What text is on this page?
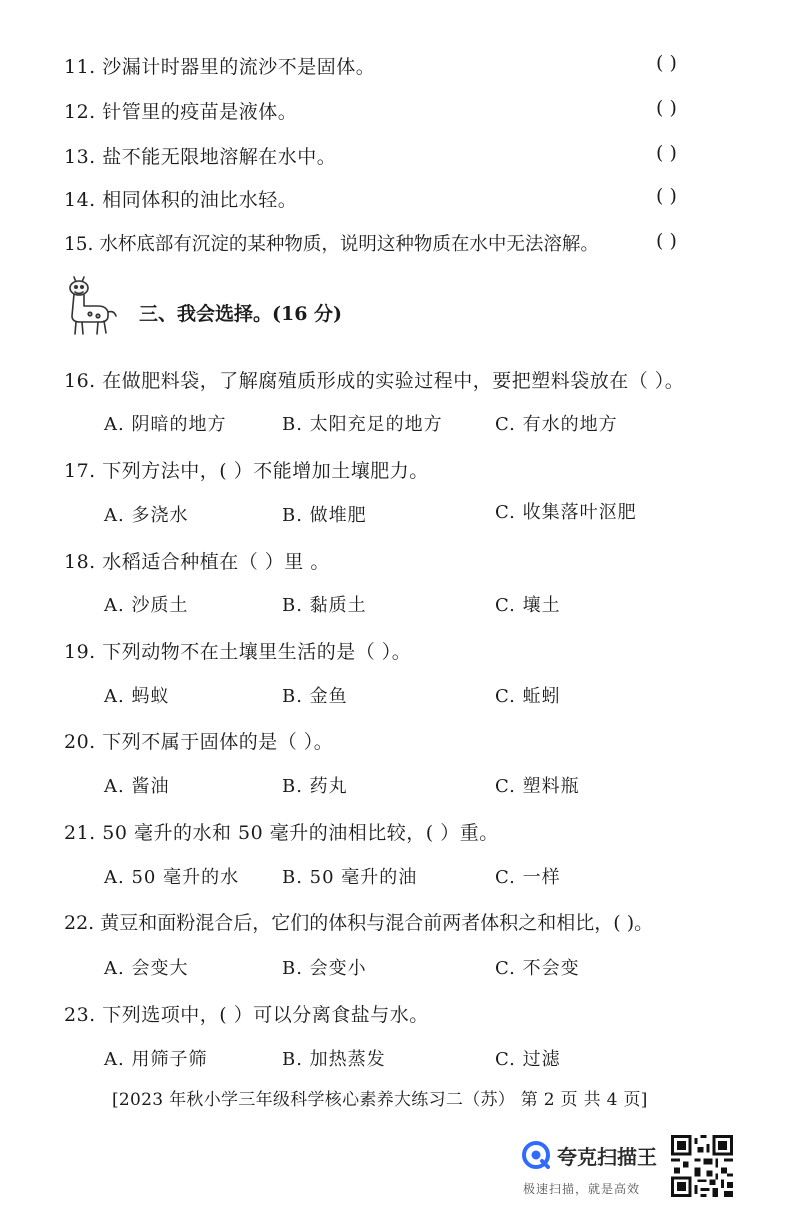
11. 沙漏计时器里的流沙不是固体。	( )
12. 针管里的疫苗是液体。	( )
13. 盐不能无限地溶解在水中。	( )
14. 相同体积的油比水轻。	( )
15. 水杯底部有沉淀的某种物质，说明这种物质在水中无法溶解。	( )
三、我会选择。(16 分)
16. 在做肥料袋，了解腐殖质形成的实验过程中，要把塑料袋放在（ ）。
A. 阴暗的地方	B. 太阳充足的地方	C. 有水的地方
17. 下列方法中，( ）不能增加土壤肥力。
A. 多浇水	B. 做堆肥	C. 收集落叶沤肥
18. 水稻适合种植在（ ）里 。
A. 沙质土	B. 黏质土	C. 壤土
19. 下列动物不在土壤里生活的是（ ）。
A. 蚂蚁	B. 金鱼	C. 蚯蚓
20. 下列不属于固体的是（ ）。
A. 酱油	B. 药丸	C. 塑料瓶
21. 50 毫升的水和 50 毫升的油相比较，( ）重。
A. 50 毫升的水 B. 50 毫升的油	C. 一样
22. 黄豆和面粉混合后，它们的体积与混合前两者体积之和相比，( )。
A. 会变大	B. 会变小	C. 不会变
23. 下列选项中，( ）可以分离食盐与水。
A. 用筛子筛	B. 加热蒸发	C. 过滤
[2023 年秋小学三年级科学核心素养大练习二（苏） 第 2 页 共 4 页]
夸克扫描王
极速扫描，就是高效
